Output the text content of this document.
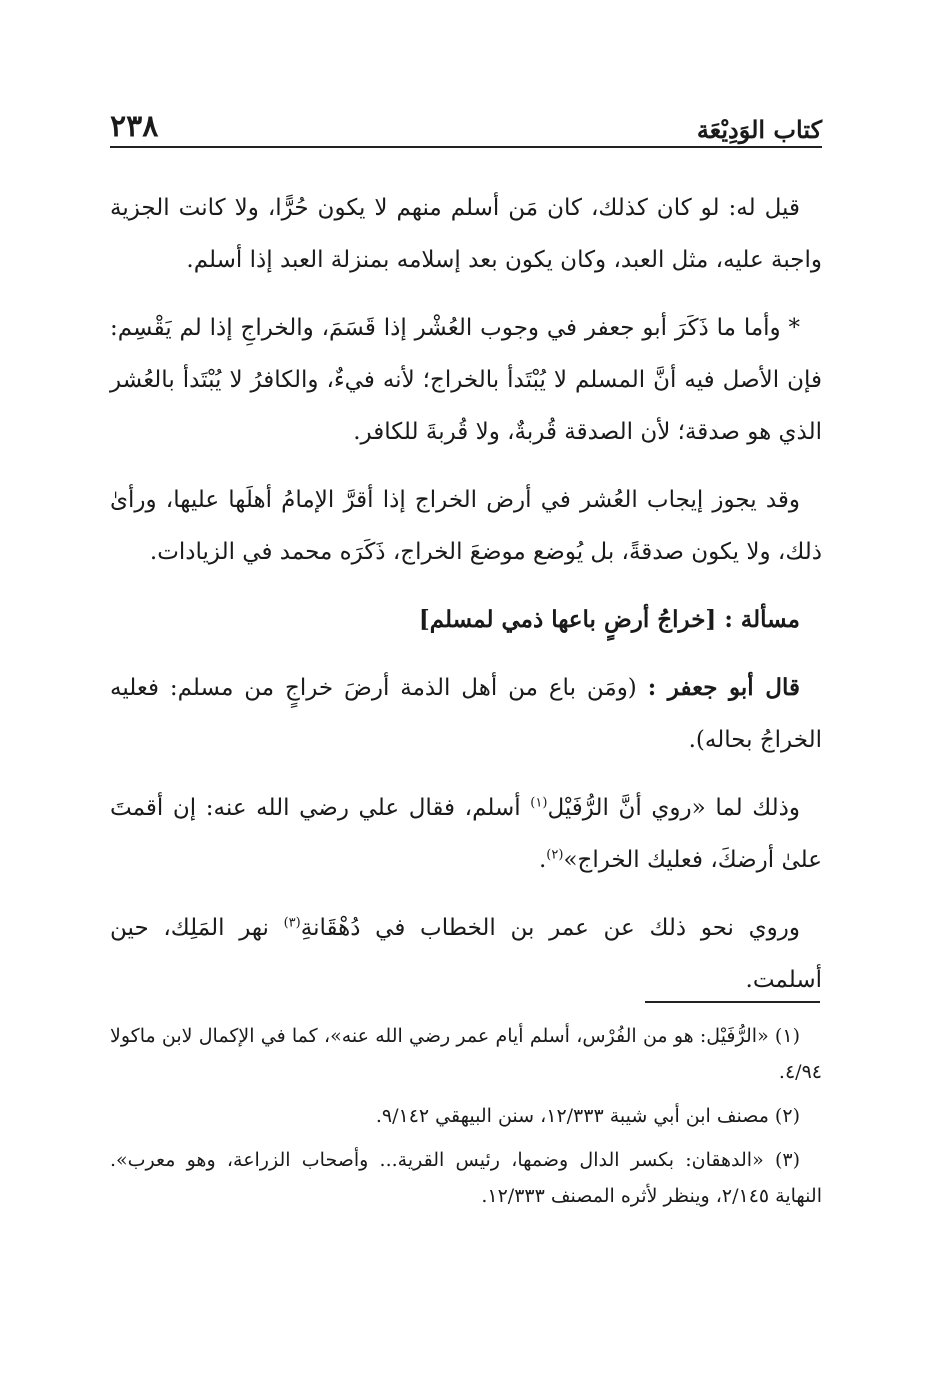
كتاب الوَدِيْعَة
٢٣٨

قيل له: لو كان كذلك، كان مَن أسلم منهم لا يكون حُرًّا، ولا كانت الجزية واجبة عليه، مثل العبد، وكان يكون بعد إسلامه بمنزلة العبد إذا أسلم.

* وأما ما ذَكَرَ أبو جعفر في وجوب العُشْر إذا قَسَمَ، والخراجِ إذا لم يَقْسِم: فإن الأصل فيه أنَّ المسلم لا يُبْتَدأ بالخراج؛ لأنه فيءٌ، والكافرُ لا يُبْتَدأ بالعُشر الذي هو صدقة؛ لأن الصدقة قُربةٌ، ولا قُربةَ للكافر.

وقد يجوز إيجاب العُشر في أرض الخراج إذا أقرَّ الإمامُ أهلَها عليها، ورأىٰ ذلك، ولا يكون صدقةً، بل يُوضع موضعَ الخراج، ذَكَرَه محمد في الزيادات.

مسألة : [خراجُ أرضٍ باعها ذمي لمسلم]

قال أبو جعفر : (ومَن باع من أهل الذمة أرضَ خراجٍ من مسلم: فعليه الخراجُ بحاله).

وذلك لما «روي أنَّ الرُّفَيْل$^{(١)}$ أسلم، فقال علي رضي الله عنه: إن أقمتَ علىٰ أرضكَ، فعليك الخراج»$^{(٢)}$.

وروي نحو ذلك عن عمر بن الخطاب في دُهْقَانةِ$^{(٣)}$ نهر المَلِك، حين أسلمت.

(١) «الرُّفَيْل: هو من الفُرْس، أسلم أيام عمر رضي الله عنه»، كما في الإكمال لابن ماكولا ٤/٩٤.

(٢) مصنف ابن أبي شيبة ١٢/٣٣٣، سنن البيهقي ٩/١٤٢.

(٣) «الدهقان: بكسر الدال وضمها، رئيس القرية... وأصحاب الزراعة، وهو معرب». النهاية ٢/١٤٥، وينظر لأثره المصنف ١٢/٣٣٣.
